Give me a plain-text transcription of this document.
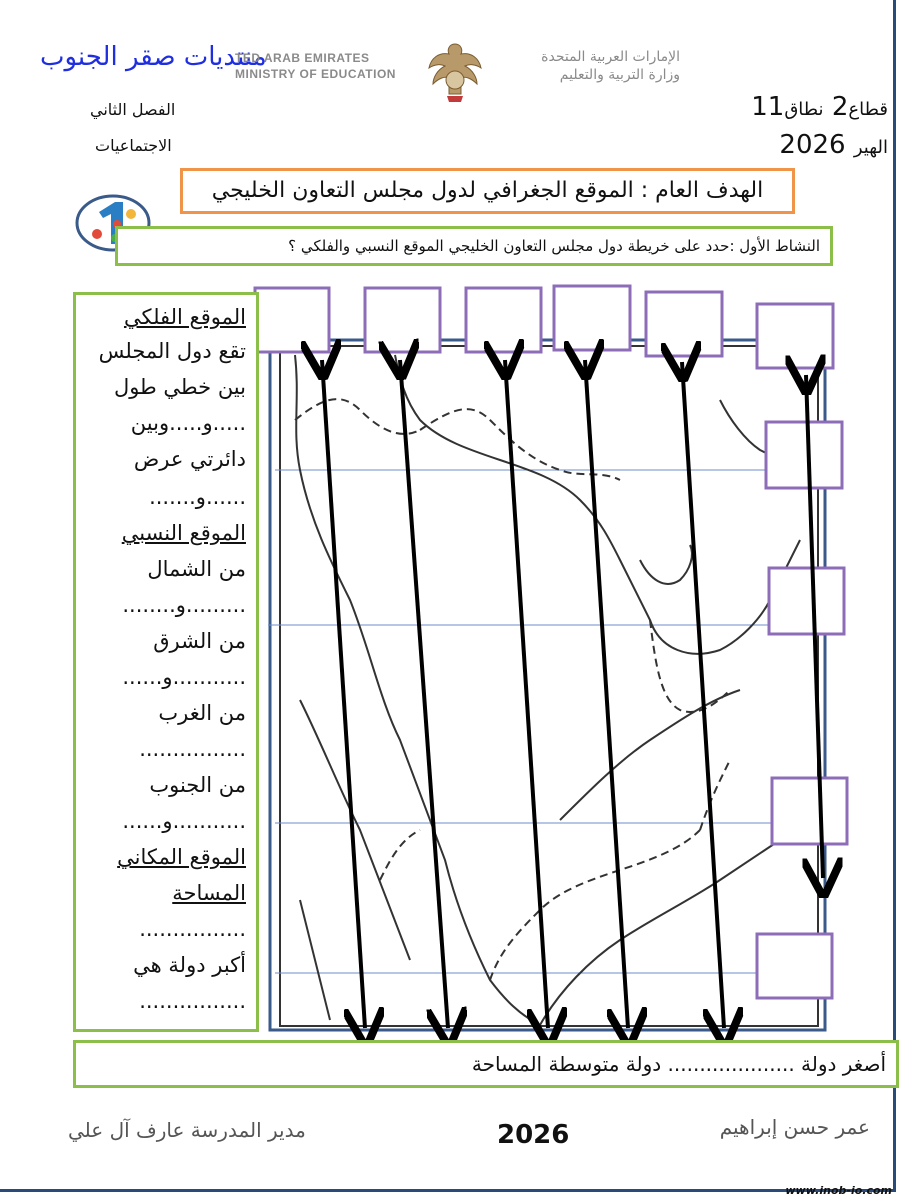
منتديات صقر الجنوب
TED ARAB EMIRATES
MINISTRY OF EDUCATION
الإمارات العربية المتحدة
وزارة التربية والتعليم
الفصل الثاني
الاجتماعيات
قطاع2 نطاق11
الهير 2026
الهدف العام : الموقع الجغرافي لدول مجلس التعاون الخليجي
النشاط الأول :حدد على خريطة دول مجلس التعاون الخليجي الموقع النسبي والفلكي ؟
الموقع الفلكي
تقع دول المجلس
بين خطي طول
.....و.....وبين
دائرتي عرض
......و.......
الموقع النسبي
من الشمال
.........و........
من الشرق
...........و......
من الغرب
................
من الجنوب
...........و......
الموقع المكاني
المساحة
................
أكبر دولة هي
................
أصغر دولة .................... دولة متوسطة المساحة
عمر حسن إبراهيم
2026
مدير المدرسة عارف آل علي
www.inob-io.com
